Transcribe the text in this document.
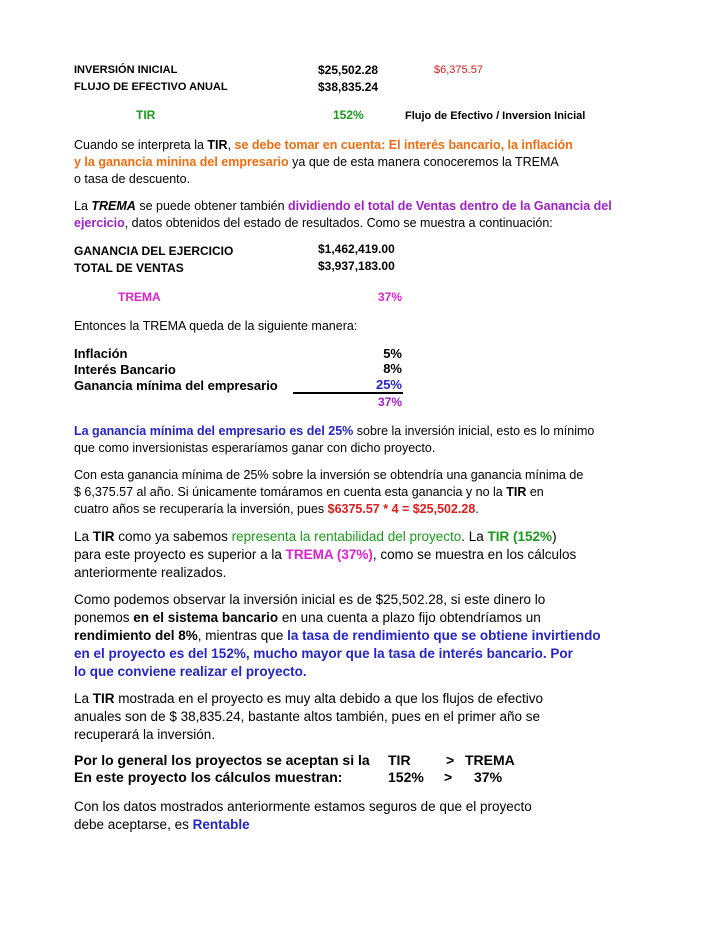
INVERSIÓN INICIAL	$25,502.28	$6,375.57
FLUJO DE EFECTIVO ANUAL	$38,835.24
TIR	152%	Flujo de Efectivo / Inversion Inicial
Cuando se interpreta la TIR, se debe tomar en cuenta: El interés bancario, la inflación
y la ganancia minina del empresario ya que de esta manera conoceremos la TREMA
o tasa de descuento.
La TREMA se puede obtener también dividiendo el total de Ventas dentro de la Ganancia del
ejercicio, datos obtenidos del estado de resultados. Como se muestra a continuación:
GANANCIA DEL EJERCICIO	$1,462,419.00
TOTAL DE VENTAS	$3,937,183.00
TREMA	37%
Entonces la TREMA queda de la siguiente manera:
Inflación	5%
Interés Bancario	8%
Ganancia mínima del empresario	25%
37%
La ganancia mínima del empresario es del 25% sobre la inversión inicial, esto es lo mínimo
que como inversionistas esperaríamos ganar con dicho proyecto.
Con esta ganancia mínima de 25% sobre la inversión se obtendría una ganancia mínima de
$ 6,375.57 al año. Si únicamente tomáramos en cuenta esta ganancia y no la TIR en
cuatro años se recuperaría la inversión, pues $6375.57 * 4 = $25,502.28.
La TIR como ya sabemos representa la rentabilidad del proyecto. La TIR (152%)
para este proyecto es superior a la TREMA (37%), como se muestra en los cálculos
anteriormente realizados.
Como podemos observar la inversión inicial es de $25,502.28, si este dinero lo
ponemos en el sistema bancario en una cuenta a plazo fijo obtendríamos un
rendimiento del 8%, mientras que la tasa de rendimiento que se obtiene invirtiendo
en el proyecto es del 152%, mucho mayor que la tasa de interés bancario. Por
lo que conviene realizar el proyecto.
La TIR mostrada en el proyecto es muy alta debido a que los flujos de efectivo
anuales son de $ 38,835.24, bastante altos también, pues en el primer año se
recuperará la inversión.
Por lo general los proyectos se aceptan si la TIR	> TREMA
En este proyecto los cálculos muestran:	152% > 37%
Con los datos mostrados anteriormente estamos seguros de que el proyecto
debe aceptarse, es Rentable
